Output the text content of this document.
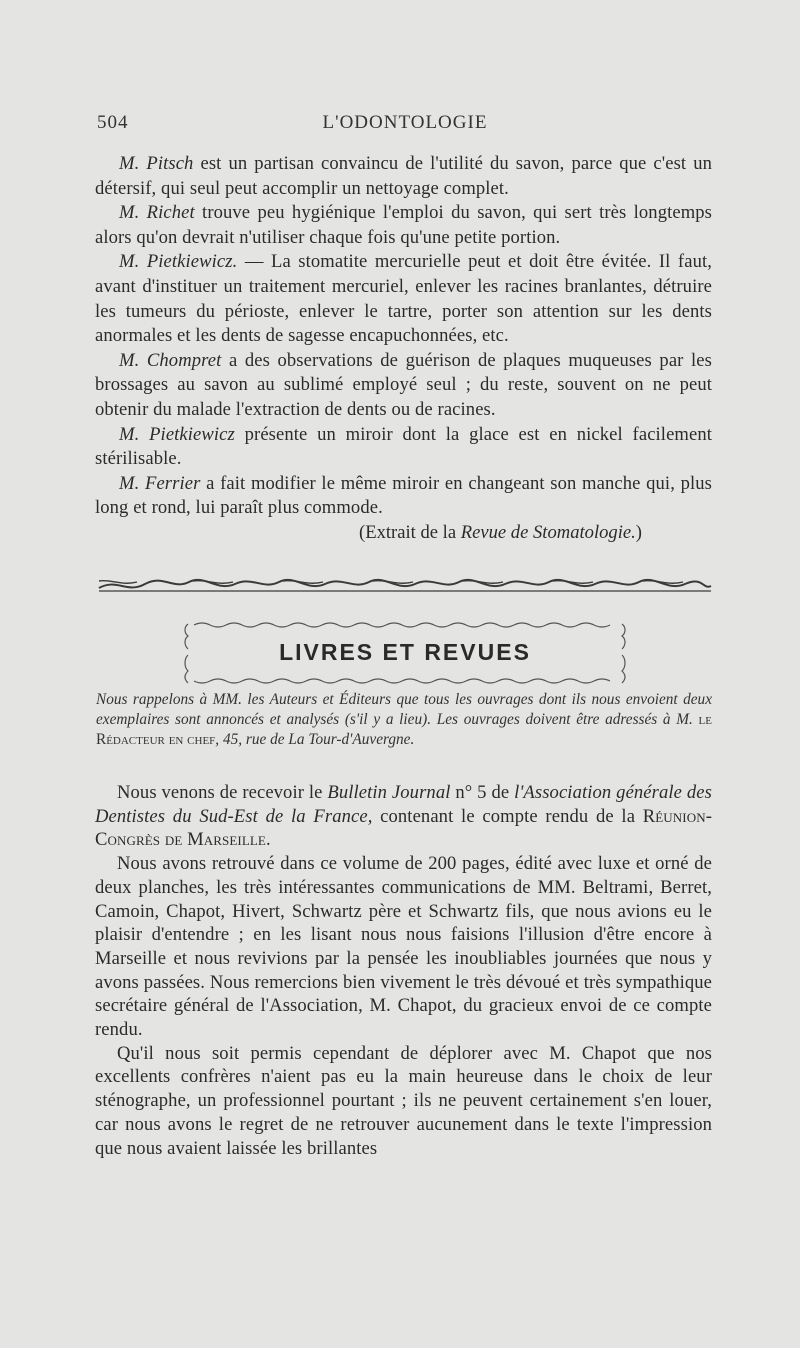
504	L'ODONTOLOGIE

M. Pitsch est un partisan convaincu de l'utilité du savon, parce que c'est un détersif, qui seul peut accomplir un nettoyage complet.

M. Richet trouve peu hygiénique l'emploi du savon, qui sert très longtemps alors qu'on devrait n'utiliser chaque fois qu'une petite portion.

M. Pietkiewicz. — La stomatite mercurielle peut et doit être évitée. Il faut, avant d'instituer un traitement mercuriel, enlever les racines branlantes, détruire les tumeurs du périoste, enlever le tartre, porter son attention sur les dents anormales et les dents de sagesse encapuchonnées, etc.

M. Chompret a des observations de guérison de plaques muqueuses par les brossages au savon au sublimé employé seul ; du reste, souvent on ne peut obtenir du malade l'extraction de dents ou de racines.

M. Pietkiewicz présente un miroir dont la glace est en nickel facilement stérilisable.

M. Ferrier a fait modifier le même miroir en changeant son manche qui, plus long et rond, lui paraît plus commode.

(Extrait de la Revue de Stomatologie.)

LIVRES ET REVUES
Nous rappelons à MM. les Auteurs et Éditeurs que tous les ouvrages dont ils nous envoient deux exemplaires sont annoncés et analysés (s'il y a lieu). Les ouvrages doivent être adressés à M. le Rédacteur en chef, 45, rue de La Tour-d'Auvergne.

Nous venons de recevoir le Bulletin Journal n° 5 de l'Association générale des Dentistes du Sud-Est de la France, contenant le compte rendu de la Réunion-Congrès de Marseille.

Nous avons retrouvé dans ce volume de 200 pages, édité avec luxe et orné de deux planches, les très intéressantes communications de MM. Beltrami, Berret, Camoin, Chapot, Hivert, Schwartz père et Schwartz fils, que nous avions eu le plaisir d'entendre ; en les lisant nous nous faisions l'illusion d'être encore à Marseille et nous revivions par la pensée les inoubliables journées que nous y avons passées. Nous remercions bien vivement le très dévoué et très sympathique secrétaire général de l'Association, M. Chapot, du gracieux envoi de ce compte rendu.

Qu'il nous soit permis cependant de déplorer avec M. Chapot que nos excellents confrères n'aient pas eu la main heureuse dans le choix de leur sténographe, un professionnel pourtant ; ils ne peuvent certainement s'en louer, car nous avons le regret de ne retrouver aucunement dans le texte l'impression que nous avaient laissée les brillantes
